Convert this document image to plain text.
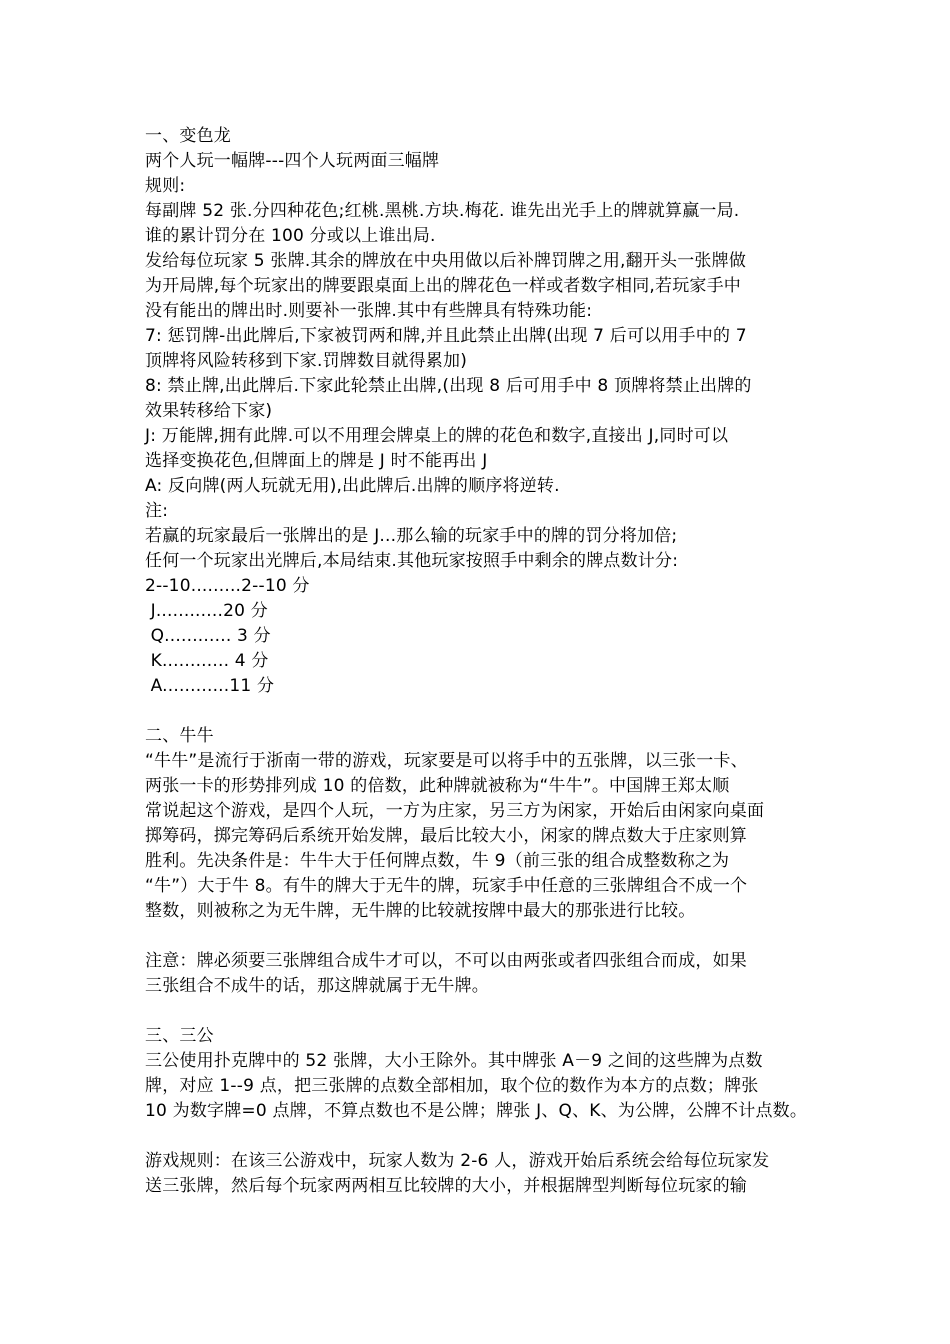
一、变色龙
两个人玩一幅牌---四个人玩两面三幅牌
规则:
每副牌 52 张.分四种花色;红桃.黑桃.方块.梅花. 谁先出光手上的牌就算赢一局.
谁的累计罚分在 100 分或以上谁出局.
发给每位玩家 5 张牌.其余的牌放在中央用做以后补牌罚牌之用,翻开头一张牌做
为开局牌,每个玩家出的牌要跟桌面上出的牌花色一样或者数字相同,若玩家手中
没有能出的牌出时.则要补一张牌.其中有些牌具有特殊功能:
7: 惩罚牌-出此牌后,下家被罚两和牌,并且此禁止出牌(出现 7 后可以用手中的 7
顶牌将风险转移到下家.罚牌数目就得累加)
8: 禁止牌,出此牌后.下家此轮禁止出牌,(出现 8 后可用手中 8 顶牌将禁止出牌的
效果转移给下家)
J: 万能牌,拥有此牌.可以不用理会牌桌上的牌的花色和数字,直接出 J,同时可以
选择变换花色,但牌面上的牌是 J 时不能再出 J
A: 反向牌(两人玩就无用),出此牌后.出牌的顺序将逆转.
注:
若赢的玩家最后一张牌出的是 J...那么输的玩家手中的牌的罚分将加倍;
任何一个玩家出光牌后,本局结束.其他玩家按照手中剩余的牌点数计分:
2--10.........2--10 分
J............20 分
Q............ 3 分
K............ 4 分
A............11 分
二、牛牛
“牛牛”是流行于浙南一带的游戏，玩家要是可以将手中的五张牌，以三张一卡、
两张一卡的形势排列成 10 的倍数，此种牌就被称为“牛牛”。中国牌王郑太顺
常说起这个游戏，是四个人玩，一方为庄家，另三方为闲家，开始后由闲家向桌面
掷筹码，掷完筹码后系统开始发牌，最后比较大小，闲家的牌点数大于庄家则算
胜利。先决条件是：牛牛大于任何牌点数，牛 9（前三张的组合成整数称之为
“牛”）大于牛 8。有牛的牌大于无牛的牌，玩家手中任意的三张牌组合不成一个
整数，则被称之为无牛牌，无牛牌的比较就按牌中最大的那张进行比较。
注意：牌必须要三张牌组合成牛才可以，不可以由两张或者四张组合而成，如果
三张组合不成牛的话，那这牌就属于无牛牌。
三、三公
三公使用扑克牌中的 52 张牌，大小王除外。其中牌张 A－9 之间的这些牌为点数
牌，对应 1--9 点，把三张牌的点数全部相加，取个位的数作为本方的点数；牌张
10 为数字牌=0 点牌，不算点数也不是公牌；牌张 J、Q、K、为公牌，公牌不计点数。
游戏规则：在该三公游戏中，玩家人数为 2-6 人，游戏开始后系统会给每位玩家发
送三张牌，然后每个玩家两两相互比较牌的大小，并根据牌型判断每位玩家的输
